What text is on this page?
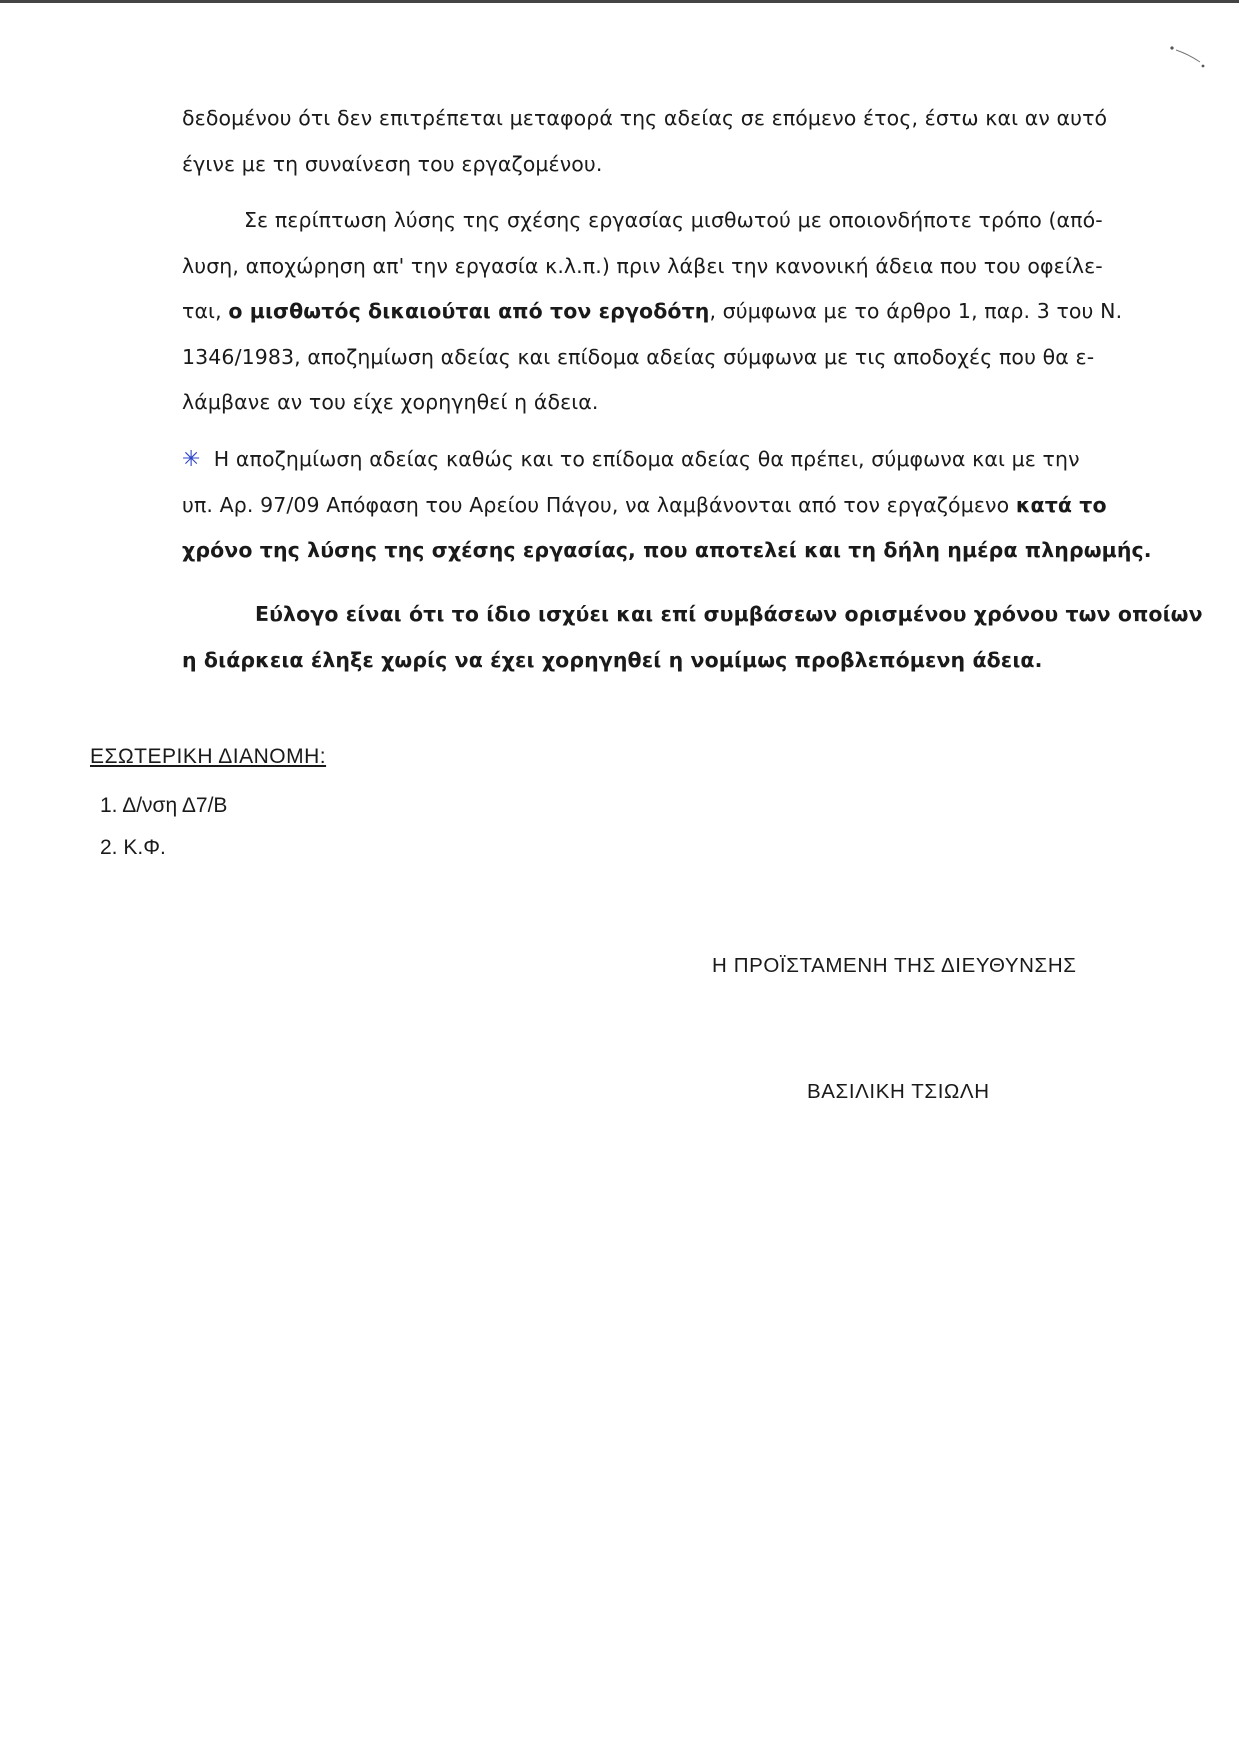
δεδομένου ότι δεν επιτρέπεται μεταφορά της αδείας σε επόμενο έτος, έστω και αν αυτό
έγινε με τη συναίνεση του εργαζομένου.
Σε περίπτωση λύσης της σχέσης εργασίας μισθωτού με οποιονδήποτε τρόπο (από-
λυση, αποχώρηση απ' την εργασία κ.λ.π.) πριν λάβει την κανονική άδεια που του οφείλε-
ται, ο μισθωτός δικαιούται από τον εργοδότη, σύμφωνα με το άρθρο 1, παρ. 3 του Ν.
1346/1983, αποζημίωση αδείας και επίδομα αδείας σύμφωνα με τις αποδοχές που θα ε-
λάμβανε αν του είχε χορηγηθεί η άδεια.
✳ Η αποζημίωση αδείας καθώς και το επίδομα αδείας θα πρέπει, σύμφωνα και με την
υπ. Αρ. 97/09 Απόφαση του Αρείου Πάγου, να λαμβάνονται από τον εργαζόμενο κατά το
χρόνο της λύσης της σχέσης εργασίας, που αποτελεί και τη δήλη ημέρα πληρωμής.
Εύλογο είναι ότι το ίδιο ισχύει και επί συμβάσεων ορισμένου χρόνου των οποίων
η διάρκεια έληξε χωρίς να έχει χορηγηθεί η νομίμως προβλεπόμενη άδεια.
ΕΣΩΤΕΡΙΚΗ ΔΙΑΝΟΜΗ:
1. Δ/νση Δ7/Β
2. Κ.Φ.
Η ΠΡΟΪΣΤΑΜΕΝΗ ΤΗΣ ΔΙΕΥΘΥΝΣΗΣ
ΒΑΣΙΛΙΚΗ ΤΣΙΩΛΗ
